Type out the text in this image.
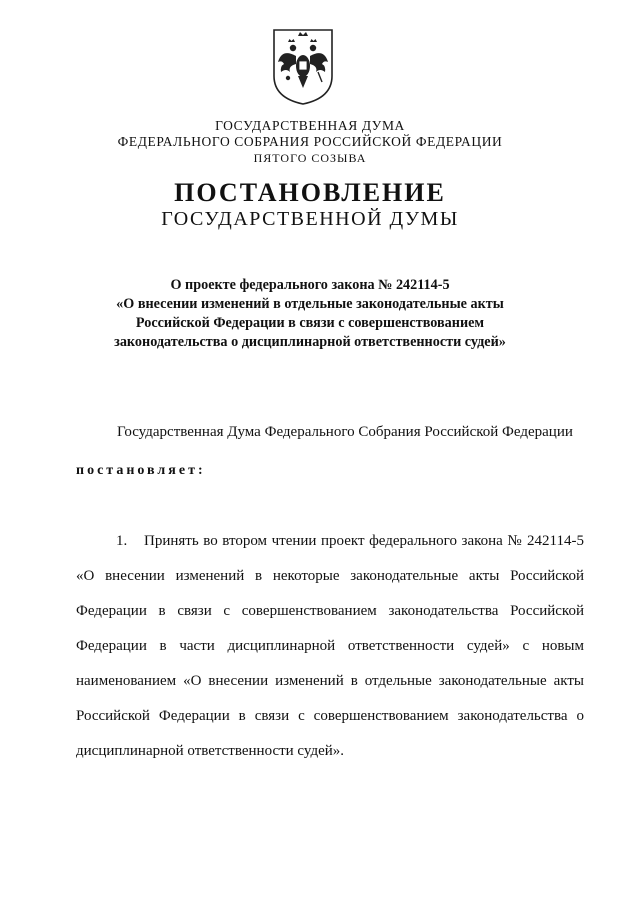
ГОСУДАРСТВЕННАЯ ДУМА
ФЕДЕРАЛЬНОГО СОБРАНИЯ РОССИЙСКОЙ ФЕДЕРАЦИИ
ПЯТОГО СОЗЫВА
ПОСТАНОВЛЕНИЕ
ГОСУДАРСТВЕННОЙ ДУМЫ
О проекте федерального закона № 242114-5
«О внесении изменений в отдельные законодательные акты
Российской Федерации в связи с совершенствованием
законодательства о дисциплинарной ответственности судей»
Государственная Дума Федерального Собрания Российской Федерации
постановляет:
1. Принять во втором чтении проект федерального закона № 242114-5
«О внесении изменений в некоторые законодательные акты Российской
Федерации в связи с совершенствованием законодательства Российской
Федерации в части дисциплинарной ответственности судей» с новым
наименованием «О внесении изменений в отдельные законодательные акты
Российской Федерации в связи с совершенствованием законодательства о
дисциплинарной ответственности судей».
